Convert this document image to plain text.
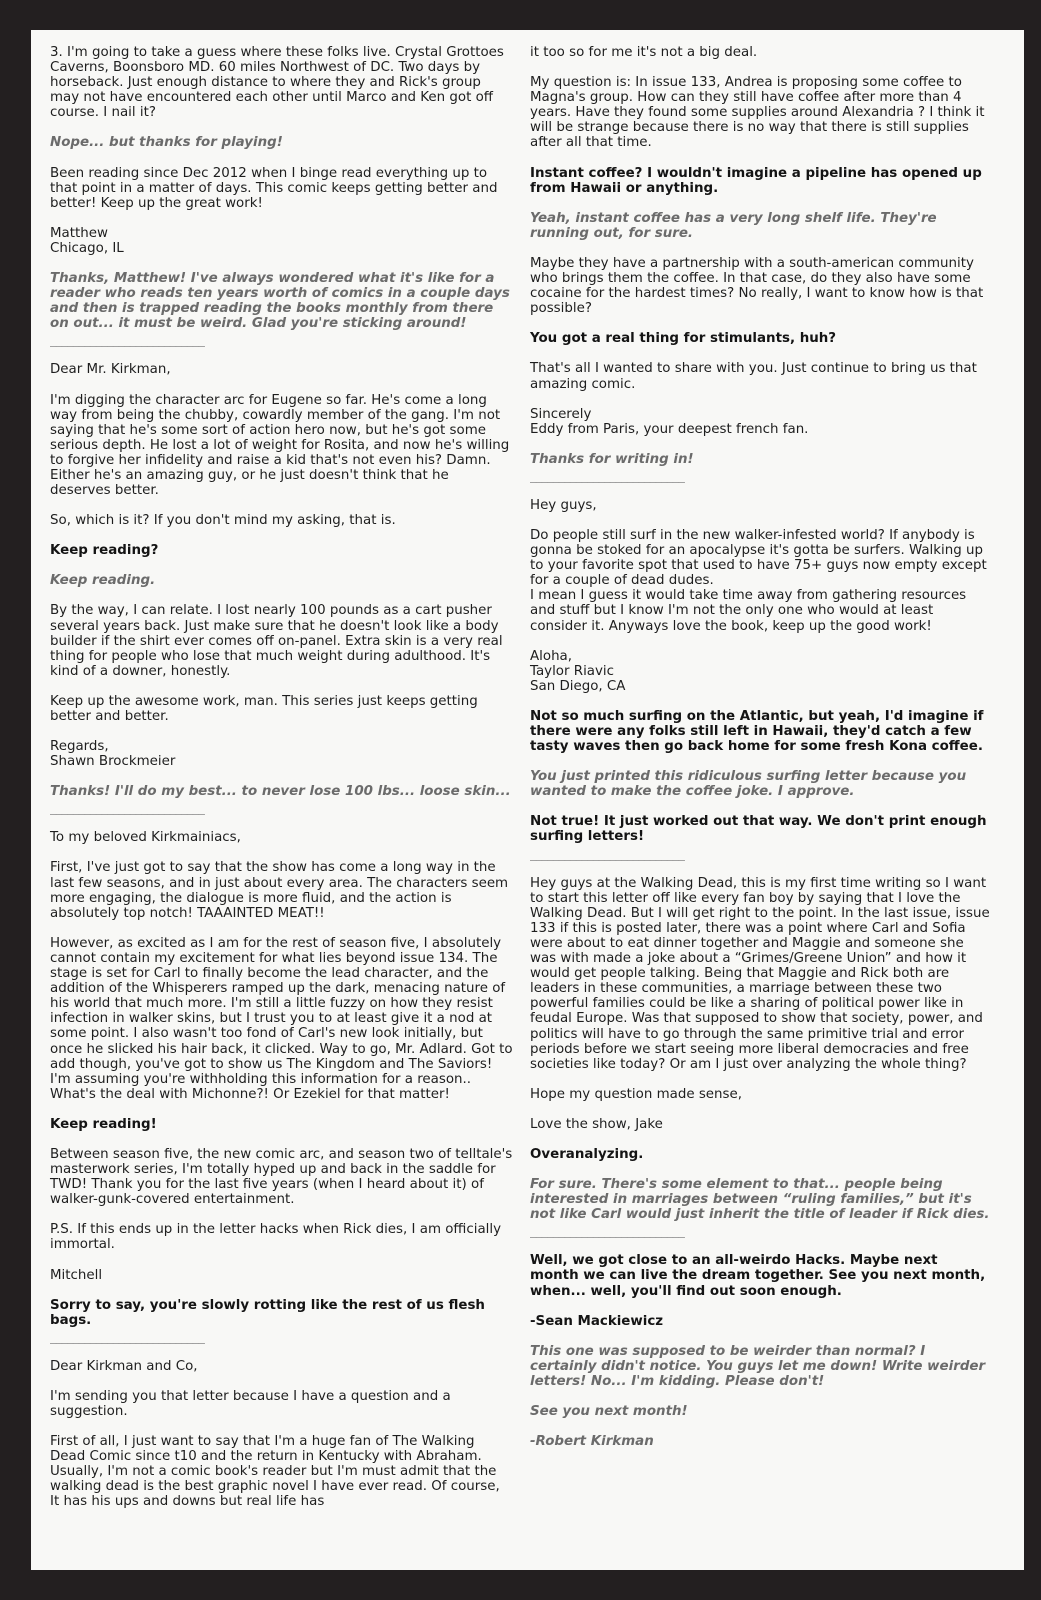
3. I'm going to take a guess where these folks live. Crystal Grottoes Caverns, Boonsboro MD. 60 miles Northwest of DC. Two days by horseback. Just enough distance to where they and Rick's group may not have encountered each other until Marco and Ken got off course. I nail it?

Nope... but thanks for playing!

Been reading since Dec 2012 when I binge read everything up to that point in a matter of days. This comic keeps getting better and better! Keep up the great work!

Matthew
Chicago, IL

Thanks, Matthew! I've always wondered what it's like for a reader who reads ten years worth of comics in a couple days and then is trapped reading the books monthly from there on out... it must be weird. Glad you're sticking around!

___________________________

Dear Mr. Kirkman,

I'm digging the character arc for Eugene so far. He's come a long way from being the chubby, cowardly member of the gang. I'm not saying that he's some sort of action hero now, but he's got some serious depth. He lost a lot of weight for Rosita, and now he's willing to forgive her infidelity and raise a kid that's not even his? Damn. Either he's an amazing guy, or he just doesn't think that he deserves better.

So, which is it? If you don't mind my asking, that is.

Keep reading?

Keep reading.

By the way, I can relate. I lost nearly 100 pounds as a cart pusher several years back. Just make sure that he doesn't look like a body builder if the shirt ever comes off on-panel. Extra skin is a very real thing for people who lose that much weight during adulthood. It's kind of a downer, honestly.

Keep up the awesome work, man. This series just keeps getting better and better.

Regards,
Shawn Brockmeier

Thanks! I'll do my best... to never lose 100 lbs... loose skin...

___________________________

To my beloved Kirkmainiacs,

First, I've just got to say that the show has come a long way in the last few seasons, and in just about every area. The characters seem more engaging, the dialogue is more fluid, and the action is absolutely top notch! TAAAINTED MEAT!!

However, as excited as I am for the rest of season five, I absolutely cannot contain my excitement for what lies beyond issue 134. The stage is set for Carl to finally become the lead character, and the addition of the Whisperers ramped up the dark, menacing nature of his world that much more. I'm still a little fuzzy on how they resist infection in walker skins, but I trust you to at least give it a nod at some point. I also wasn't too fond of Carl's new look initially, but once he slicked his hair back, it clicked. Way to go, Mr. Adlard. Got to add though, you've got to show us The Kingdom and The Saviors! I'm assuming you're withholding this information for a reason.. What's the deal with Michonne?! Or Ezekiel for that matter!

Keep reading!

Between season five, the new comic arc, and season two of telltale's masterwork series, I'm totally hyped up and back in the saddle for TWD! Thank you for the last five years (when I heard about it) of walker-gunk-covered entertainment.

P.S. If this ends up in the letter hacks when Rick dies, I am officially immortal.

Mitchell

Sorry to say, you're slowly rotting like the rest of us flesh bags.

___________________________

Dear Kirkman and Co,

I'm sending you that letter because I have a question and a suggestion.

First of all, I just want to say that I'm a huge fan of The Walking Dead Comic since t10 and the return in Kentucky with Abraham. Usually, I'm not a comic book's reader but I'm must admit that the walking dead is the best graphic novel I have ever read. Of course, It has his ups and downs but real life has

it too so for me it's not a big deal.

My question is: In issue 133, Andrea is proposing some coffee to Magna's group. How can they still have coffee after more than 4 years. Have they found some supplies around Alexandria ? I think it will be strange because there is no way that there is still supplies after all that time.

Instant coffee? I wouldn't imagine a pipeline has opened up from Hawaii or anything.

Yeah, instant coffee has a very long shelf life. They're running out, for sure.

Maybe they have a partnership with a south-american community who brings them the coffee. In that case, do they also have some cocaine for the hardest times? No really, I want to know how is that possible?

You got a real thing for stimulants, huh?

That's all I wanted to share with you. Just continue to bring us that amazing comic.

Sincerely
Eddy from Paris, your deepest french fan.

Thanks for writing in!

___________________________

Hey guys,

Do people still surf in the new walker-infested world? If anybody is gonna be stoked for an apocalypse it's gotta be surfers. Walking up to your favorite spot that used to have 75+ guys now empty except for a couple of dead dudes.
I mean I guess it would take time away from gathering resources and stuff but I know I'm not the only one who would at least consider it. Anyways love the book, keep up the good work!

Aloha,
Taylor Riavic
San Diego, CA

Not so much surfing on the Atlantic, but yeah, I'd imagine if there were any folks still left in Hawaii, they'd catch a few tasty waves then go back home for some fresh Kona coffee.

You just printed this ridiculous surfing letter because you wanted to make the coffee joke. I approve.

Not true! It just worked out that way. We don't print enough surfing letters!

___________________________

Hey guys at the Walking Dead, this is my first time writing so I want to start this letter off like every fan boy by saying that I love the Walking Dead. But I will get right to the point. In the last issue, issue 133 if this is posted later, there was a point where Carl and Sofia were about to eat dinner together and Maggie and someone she was with made a joke about a “Grimes/Greene Union” and how it would get people talking. Being that Maggie and Rick both are leaders in these communities, a marriage between these two powerful families could be like a sharing of political power like in feudal Europe. Was that supposed to show that society, power, and politics will have to go through the same primitive trial and error periods before we start seeing more liberal democracies and free societies like today? Or am I just over analyzing the whole thing?

Hope my question made sense,

Love the show, Jake

Overanalyzing.

For sure. There's some element to that... people being interested in marriages between “ruling families,” but it's not like Carl would just inherit the title of leader if Rick dies.

___________________________

Well, we got close to an all-weirdo Hacks. Maybe next month we can live the dream together. See you next month, when... well, you'll find out soon enough.

-Sean Mackiewicz

This one was supposed to be weirder than normal? I certainly didn't notice. You guys let me down! Write weirder letters! No... I'm kidding. Please don't!

See you next month!

-Robert Kirkman
